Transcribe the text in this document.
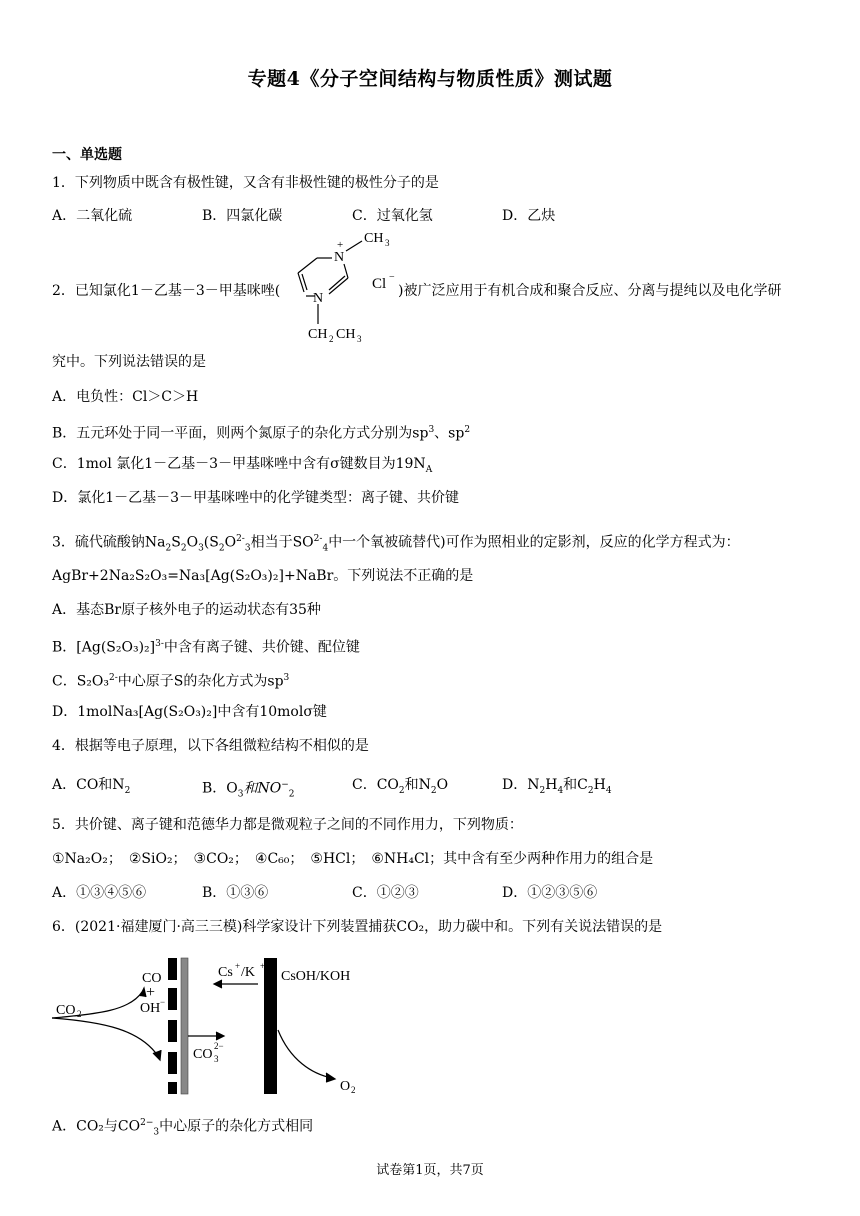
专题4《分子空间结构与物质性质》测试题
一、单选题
1．下列物质中既含有极性键，又含有非极性键的极性分子的是
A．二氧化硫	B．四氯化碳	C．过氧化氢	D．乙炔
2．已知氯化1－乙基－3－甲基咪唑(
N
+ CH 3
N
CH 2 CH 3
Cl −
)被广泛应用于有机合成和聚合反应、分离与提纯以及电化学研
究中。下列说法错误的是
A．电负性：Cl＞C＞H
B．五元环处于同一平面，则两个氮原子的杂化方式分别为$sp^3$、$sp^2$
C．1mol 氯化1－乙基－3－甲基咪唑中含有σ键数目为$19N_A$
D．氯化1－乙基－3－甲基咪唑中的化学键类型：离子键、共价键
3．硫代硫酸钠$Na_2S_2O_3(S_2O^{2-}_3$相当于$SO^{2-}_4$中一个氧被硫替代)可作为照相业的定影剂，反应的化学方程式为：
AgBr+2Na₂S₂O₃=Na₃[Ag(S₂O₃)₂]+NaBr。下列说法不正确的是
A．基态Br原子核外电子的运动状态有35种
B．$[Ag(S_2O_3)_2]^{3-}$中含有离子键、共价键、配位键
C．S₂O₃$^{2-}$中心原子S的杂化方式为$sp^3$
D．1molNa₃[Ag(S₂O₃)₂]中含有10molσ键
4．根据等电子原理，以下各组微粒结构不相似的是
A．CO和$N_2$	B．$O_3$和$NO^-_2$
C．$CO_2$和$N_2O$	D．$N_2H_4$和$C_2H_4$
5．共价键、离子键和范德华力都是微观粒子之间的不同作用力，下列物质：
①Na₂O₂；　②SiO₂；　③CO₂；　④C₆₀；　⑤HCl；　⑥NH₄Cl；其中含有至少两种作用力的组合是
A．①③④⑤⑥	B．①③⑥	C．①②③	D．①②③⑤⑥
6．(2021·福建厦门·高三三模)科学家设计下列装置捕获CO₂，助力碳中和。下列有关说法错误的是
CO
+
OH −
CO 2
CO 3
2−
Cs + /K +
CsOH/KOH
O 2
A．CO₂与$CO^{2-}_3$中心原子的杂化方式相同
试卷第1页，共7页
